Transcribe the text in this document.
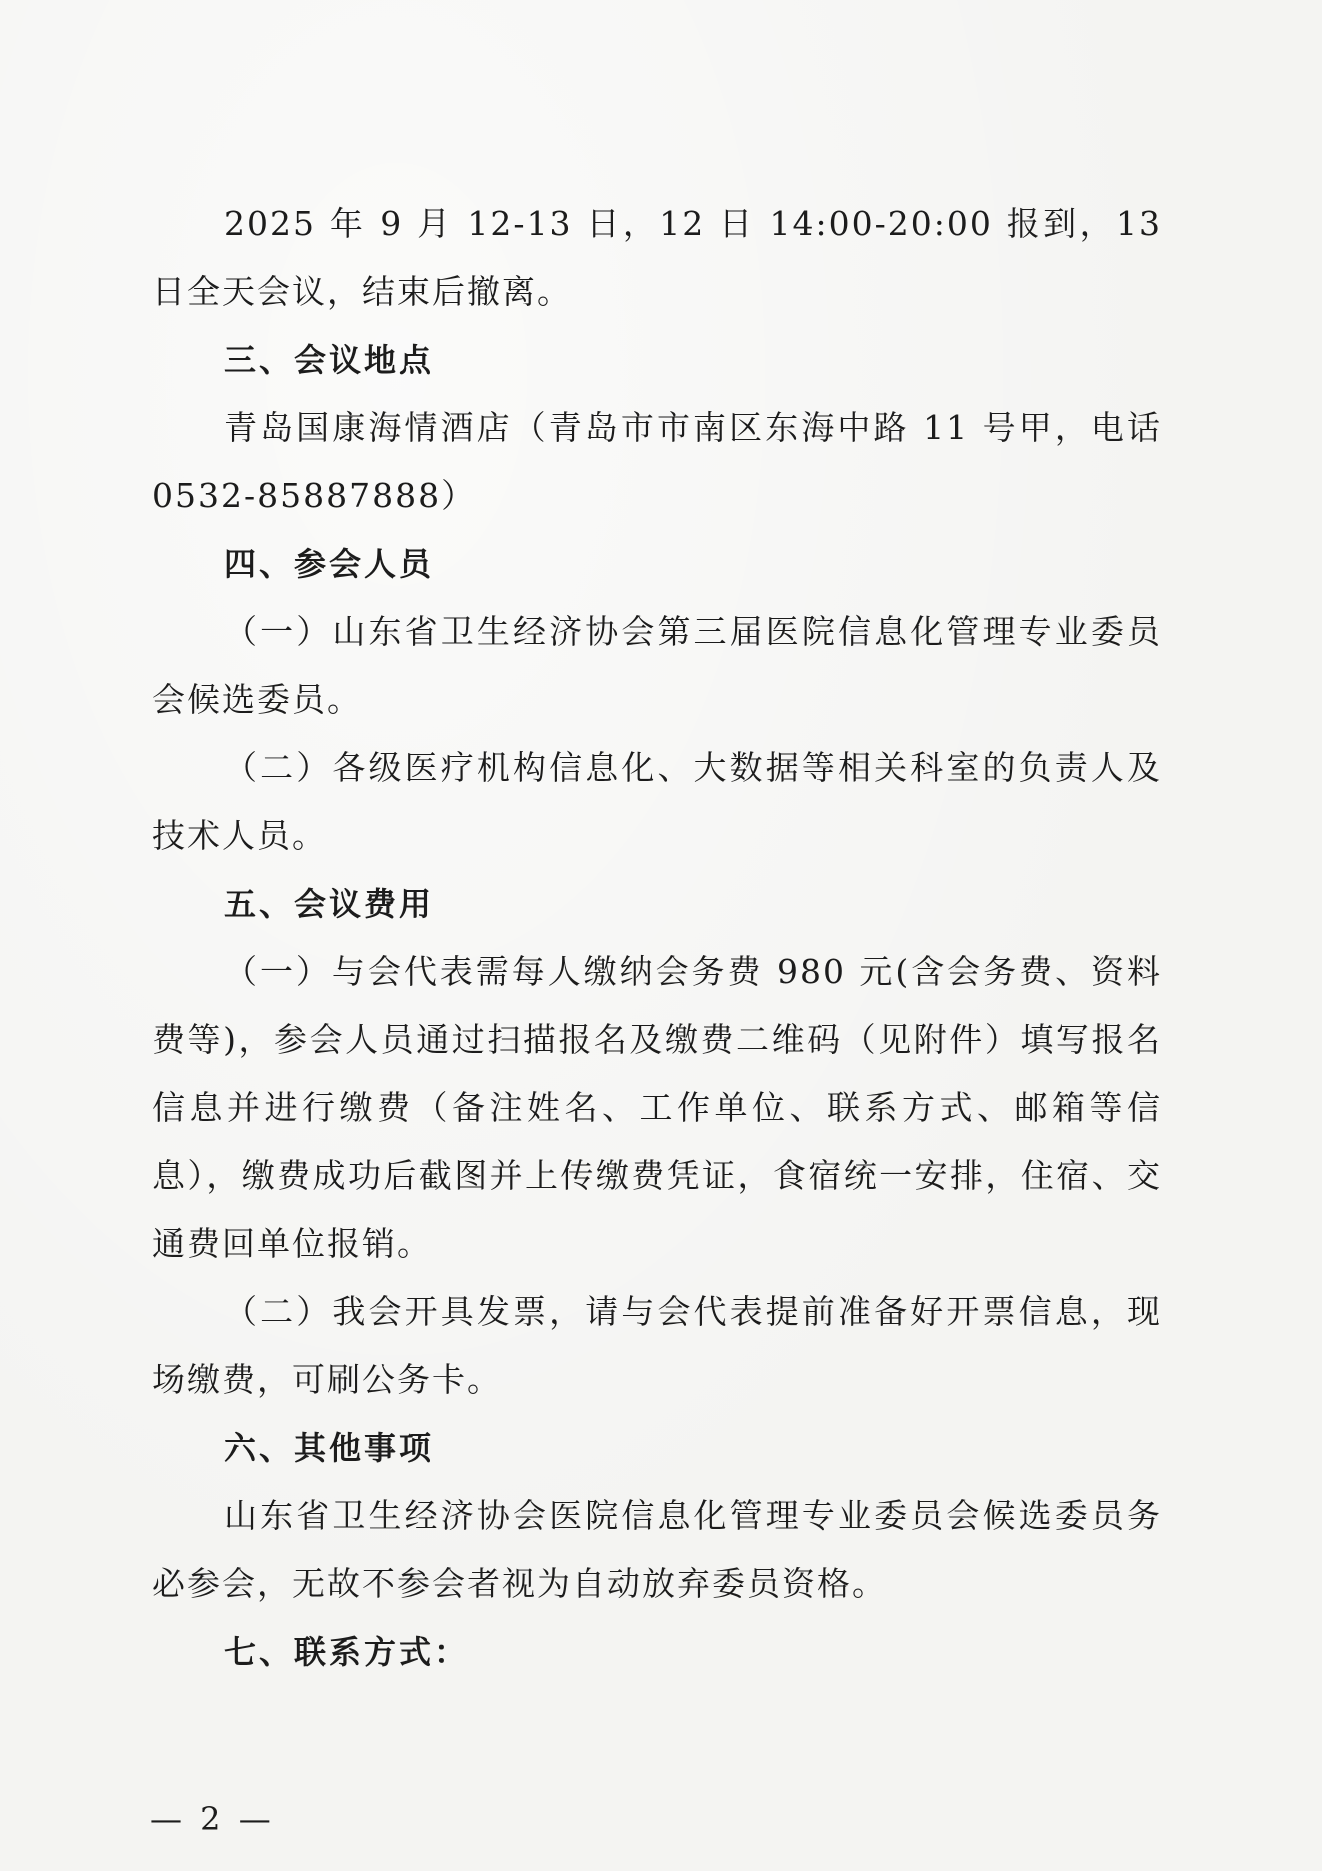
2025 年 9 月 12-13 日，12 日 14:00-20:00 报到，13 日全天会议，结束后撤离。

三、会议地点

青岛国康海情酒店（青岛市市南区东海中路 11 号甲，电话0532-85887888）

四、参会人员

（一）山东省卫生经济协会第三届医院信息化管理专业委员会候选委员。

（二）各级医疗机构信息化、大数据等相关科室的负责人及技术人员。

五、会议费用

（一）与会代表需每人缴纳会务费 980 元(含会务费、资料费等)，参会人员通过扫描报名及缴费二维码（见附件）填写报名信息并进行缴费（备注姓名、工作单位、联系方式、邮箱等信息），缴费成功后截图并上传缴费凭证，食宿统一安排，住宿、交通费回单位报销。

（二）我会开具发票，请与会代表提前准备好开票信息，现场缴费，可刷公务卡。

六、其他事项

山东省卫生经济协会医院信息化管理专业委员会候选委员务必参会，无故不参会者视为自动放弃委员资格。

七、联系方式：

— 2 —
